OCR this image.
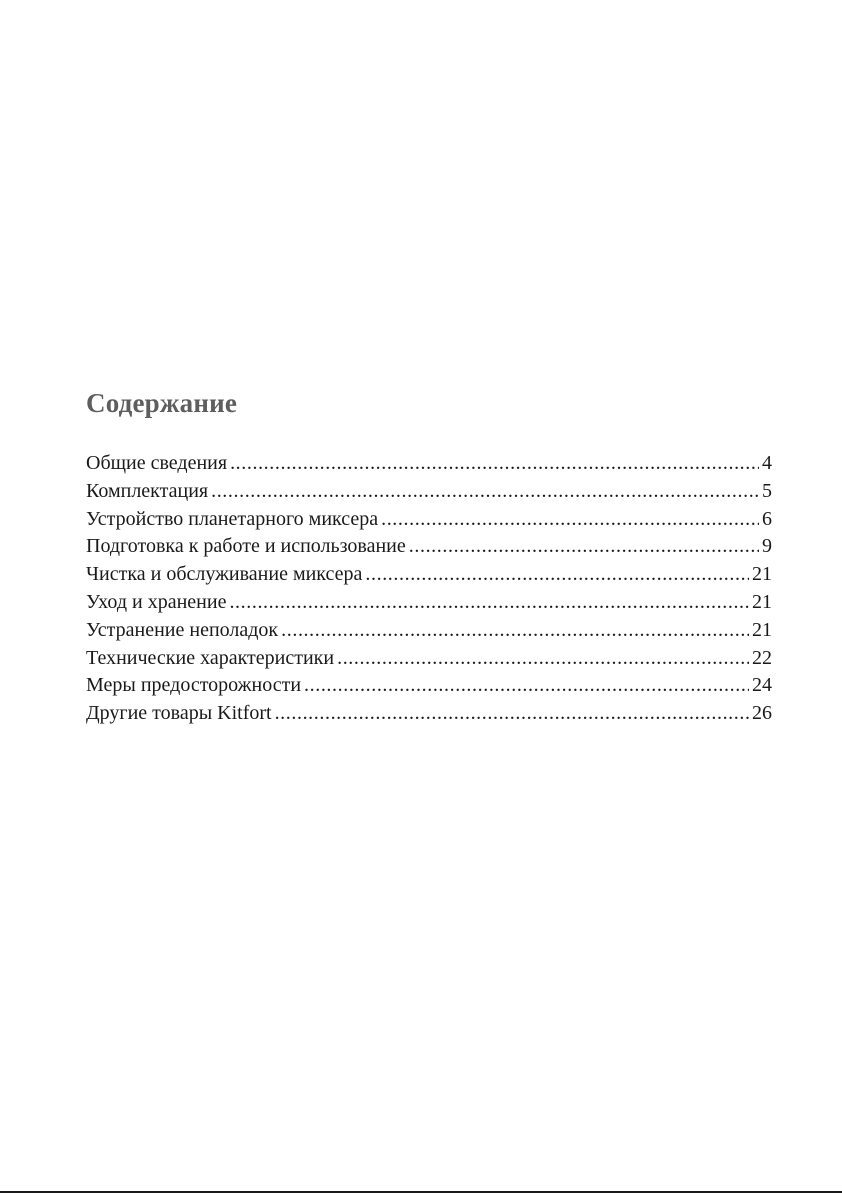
Содержание
Общие сведения .....	4
Комплектация .....	5
Устройство планетарного миксера .....	6
Подготовка к работе и использование .....	9
Чистка и обслуживание миксера .....	21
Уход и хранение .....	21
Устранение неполадок .....	21
Технические характеристики .....	22
Меры предосторожности .....	24
Другие товары Kitfort .....	26
